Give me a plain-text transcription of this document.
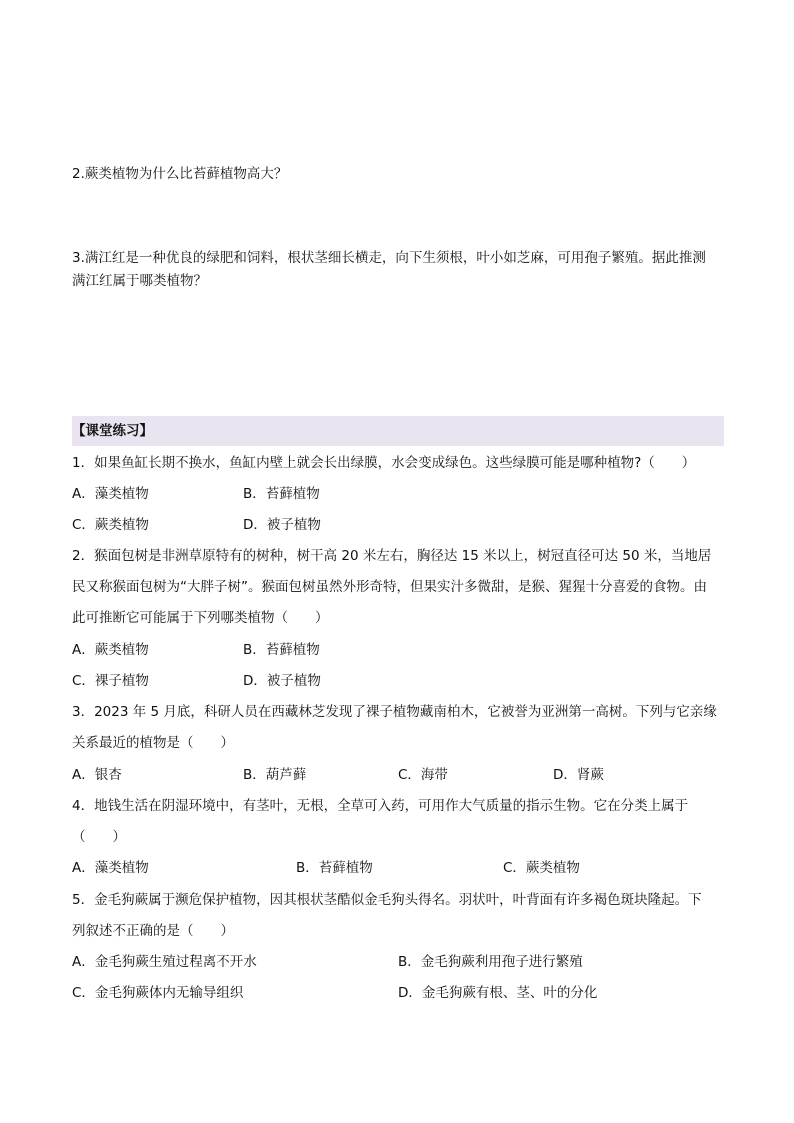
2.蕨类植物为什么比苔藓植物高大？
3.满江红是一种优良的绿肥和饲料，根状茎细长横走，向下生须根，叶小如芝麻，可用孢子繁殖。据此推测
满江红属于哪类植物？
【课堂练习】
1．如果鱼缸长期不换水，鱼缸内壁上就会长出绿膜，水会变成绿色。这些绿膜可能是哪种植物?（　　）
A．藻类植物	B．苔藓植物
C．蕨类植物	D．被子植物
2．猴面包树是非洲草原特有的树种，树干高 20 米左右，胸径达 15 米以上，树冠直径可达 50 米，当地居
民又称猴面包树为“大胖子树”。猴面包树虽然外形奇特，但果实汁多微甜，是猴、猩猩十分喜爱的食物。由
此可推断它可能属于下列哪类植物（　　）
A．蕨类植物	B．苔藓植物
C．裸子植物	D．被子植物
3．2023 年 5 月底，科研人员在西藏林芝发现了裸子植物藏南柏木，它被誉为亚洲第一高树。下列与它亲缘
关系最近的植物是（　　）
A．银杏	B．葫芦藓	C．海带	D．肾蕨
4．地钱生活在阴湿环境中，有茎叶，无根，全草可入药，可用作大气质量的指示生物。它在分类上属于
（　　）
A．藻类植物	B．苔藓植物	C．蕨类植物
5．金毛狗蕨属于濒危保护植物，因其根状茎酷似金毛狗头得名。羽状叶，叶背面有许多褐色斑块隆起。下
列叙述不正确的是（　　）
A．金毛狗蕨生殖过程离不开水	B．金毛狗蕨利用孢子进行繁殖
C．金毛狗蕨体内无输导组织	D．金毛狗蕨有根、茎、叶的分化
